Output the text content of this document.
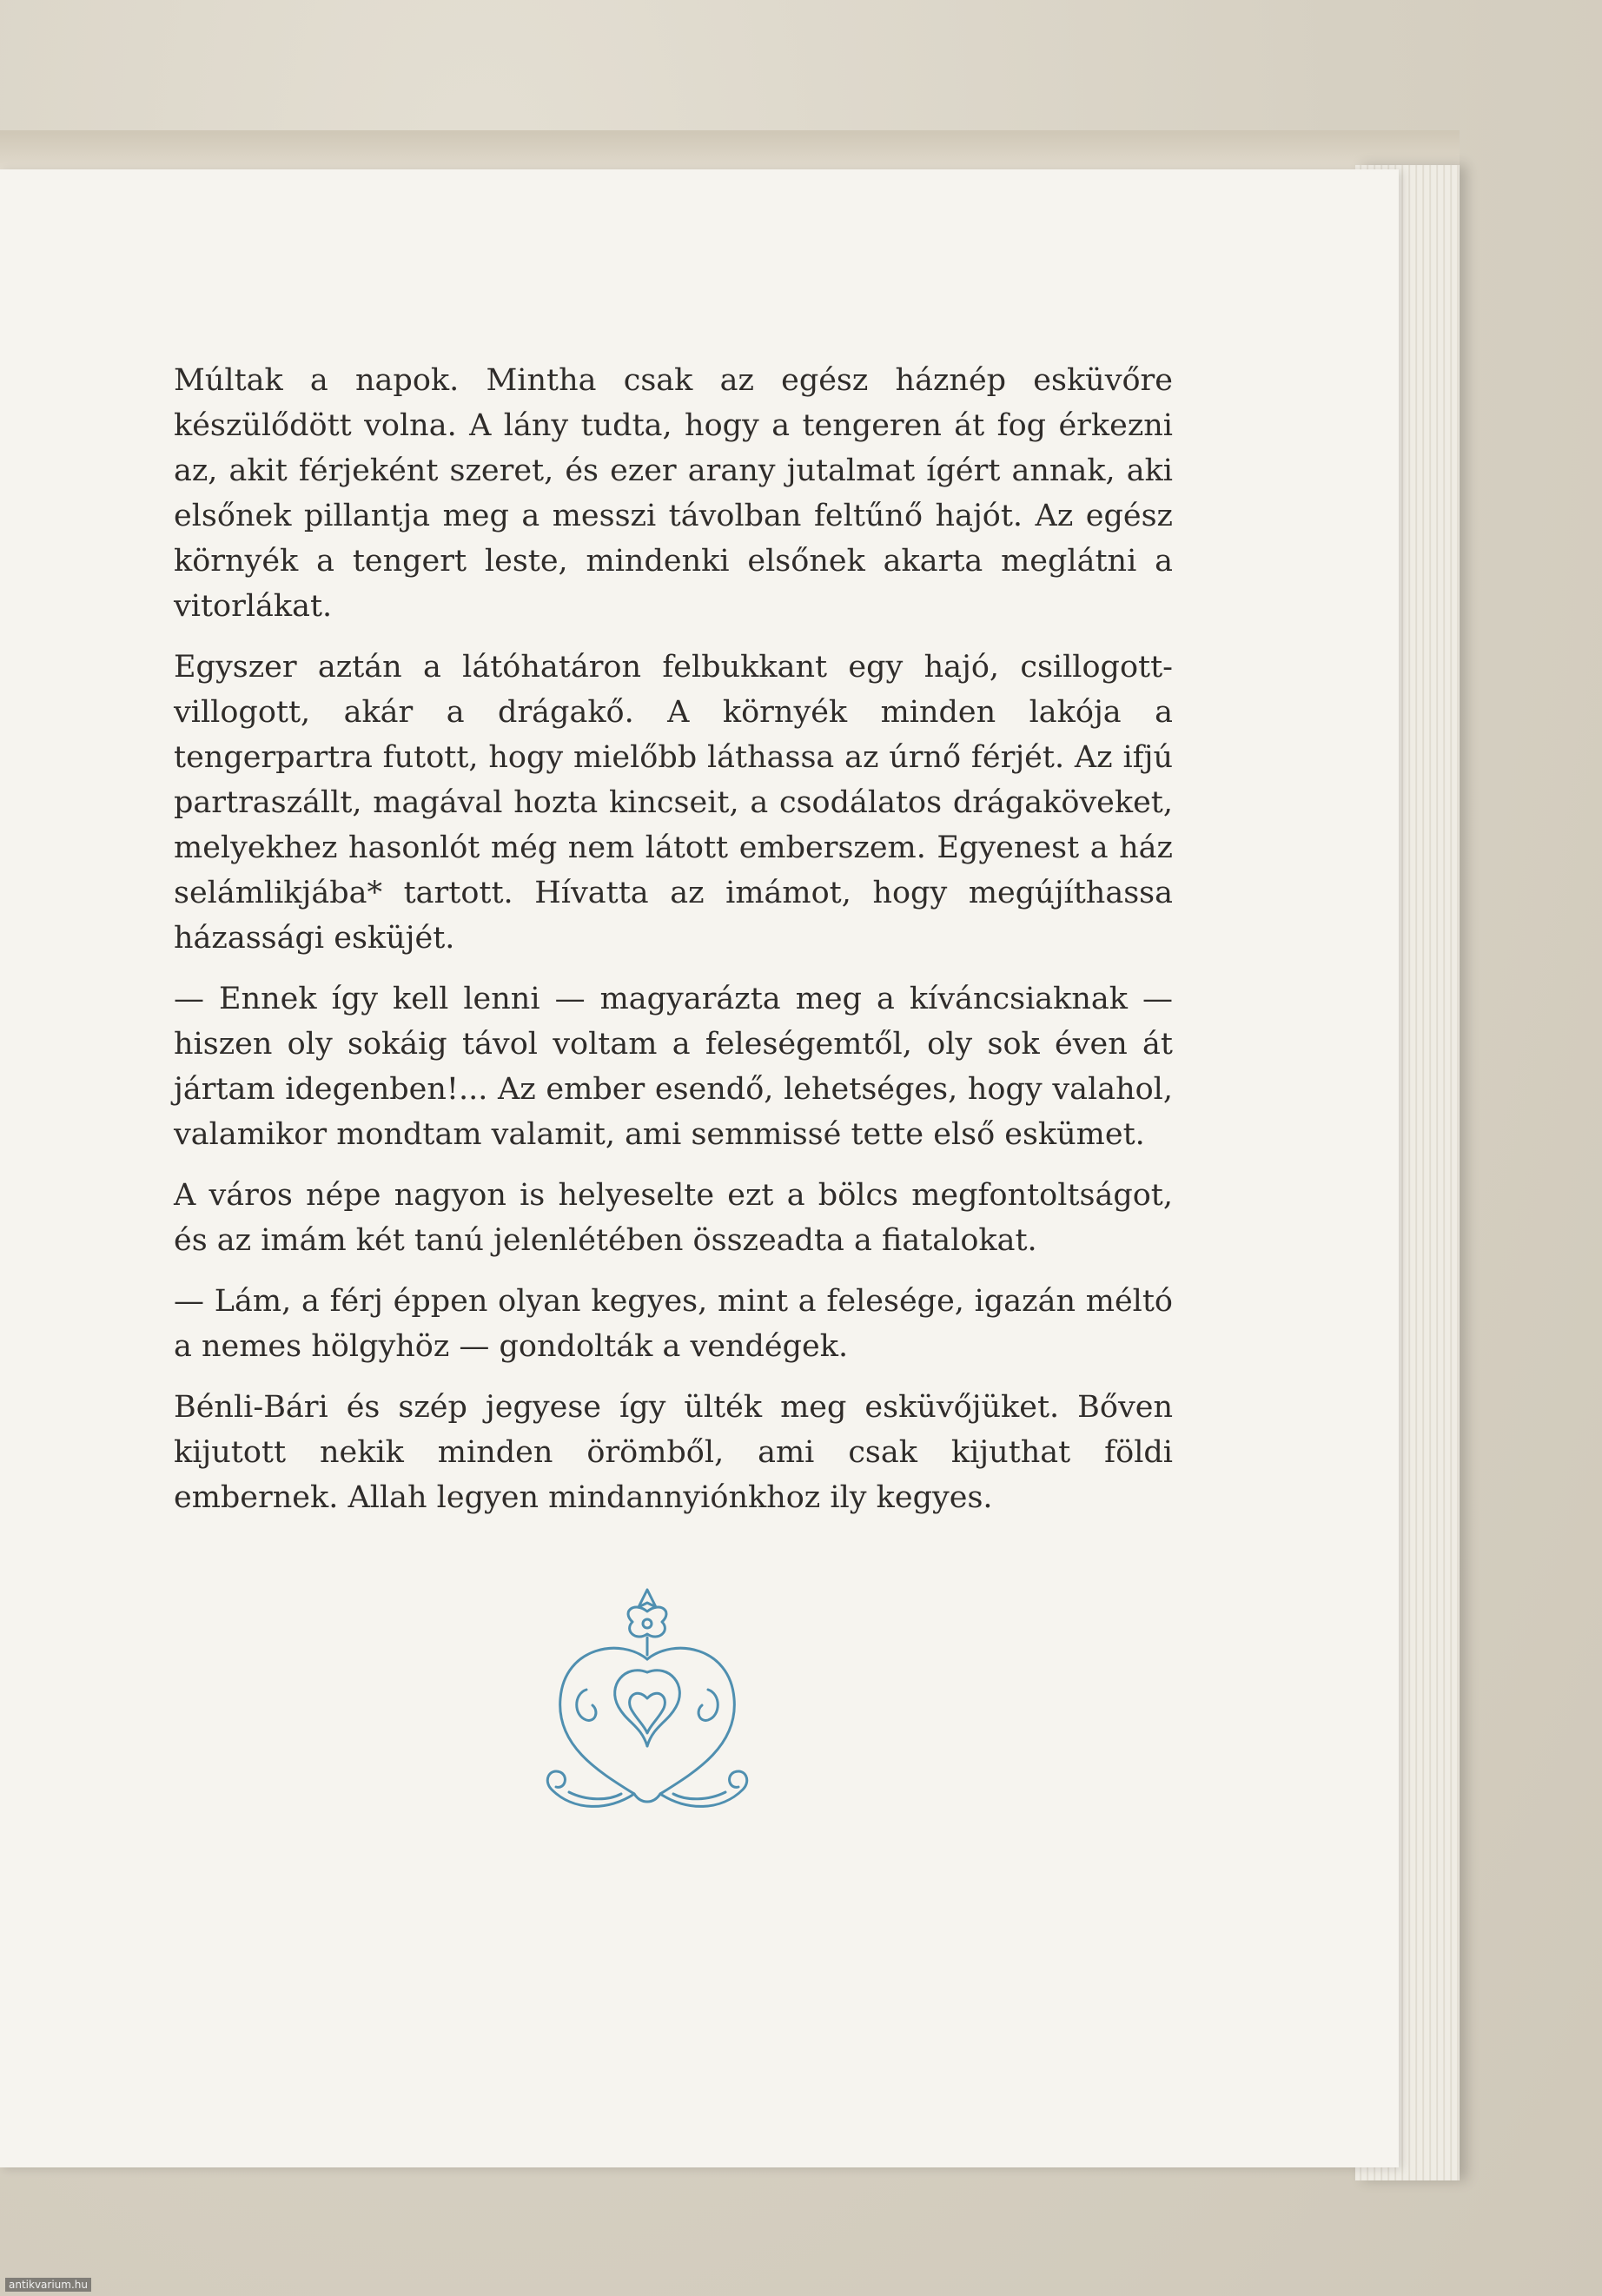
Múltak a napok. Mintha csak az egész háznép esküvőre készülődött volna. A lány tudta, hogy a tengeren át fog érkezni az, akit férjeként szeret, és ezer arany jutalmat ígért annak, aki elsőnek pillantja meg a messzi távolban feltűnő hajót. Az egész környék a tengert leste, mindenki elsőnek akarta meglátni a vitorlákat.

Egyszer aztán a látóhatáron felbukkant egy hajó, csillogott-villogott, akár a drágakő. A környék minden lakója a tengerpartra futott, hogy mielőbb láthassa az úrnő férjét. Az ifjú partraszállt, magával hozta kincseit, a csodálatos drágaköveket, melyekhez hasonlót még nem látott emberszem. Egyenest a ház selámlikjába* tartott. Hívatta az imámot, hogy megújíthassa házassági esküjét.

— Ennek így kell lenni — magyarázta meg a kíváncsiaknak — hiszen oly sokáig távol voltam a feleségemtől, oly sok éven át jártam idegenben!... Az ember esendő, lehetséges, hogy valahol, valamikor mondtam valamit, ami semmissé tette első eskümet.

A város népe nagyon is helyeselte ezt a bölcs megfontoltságot, és az imám két tanú jelenlétében összeadta a fiatalokat.

— Lám, a férj éppen olyan kegyes, mint a felesége, igazán méltó a nemes hölgyhöz — gondolták a vendégek.

Bénli-Bári és szép jegyese így ülték meg esküvőjüket. Bőven kijutott nekik minden örömből, ami csak kijuthat földi embernek. Allah legyen mindannyiónkhoz ily kegyes.

antikvarium.hu
